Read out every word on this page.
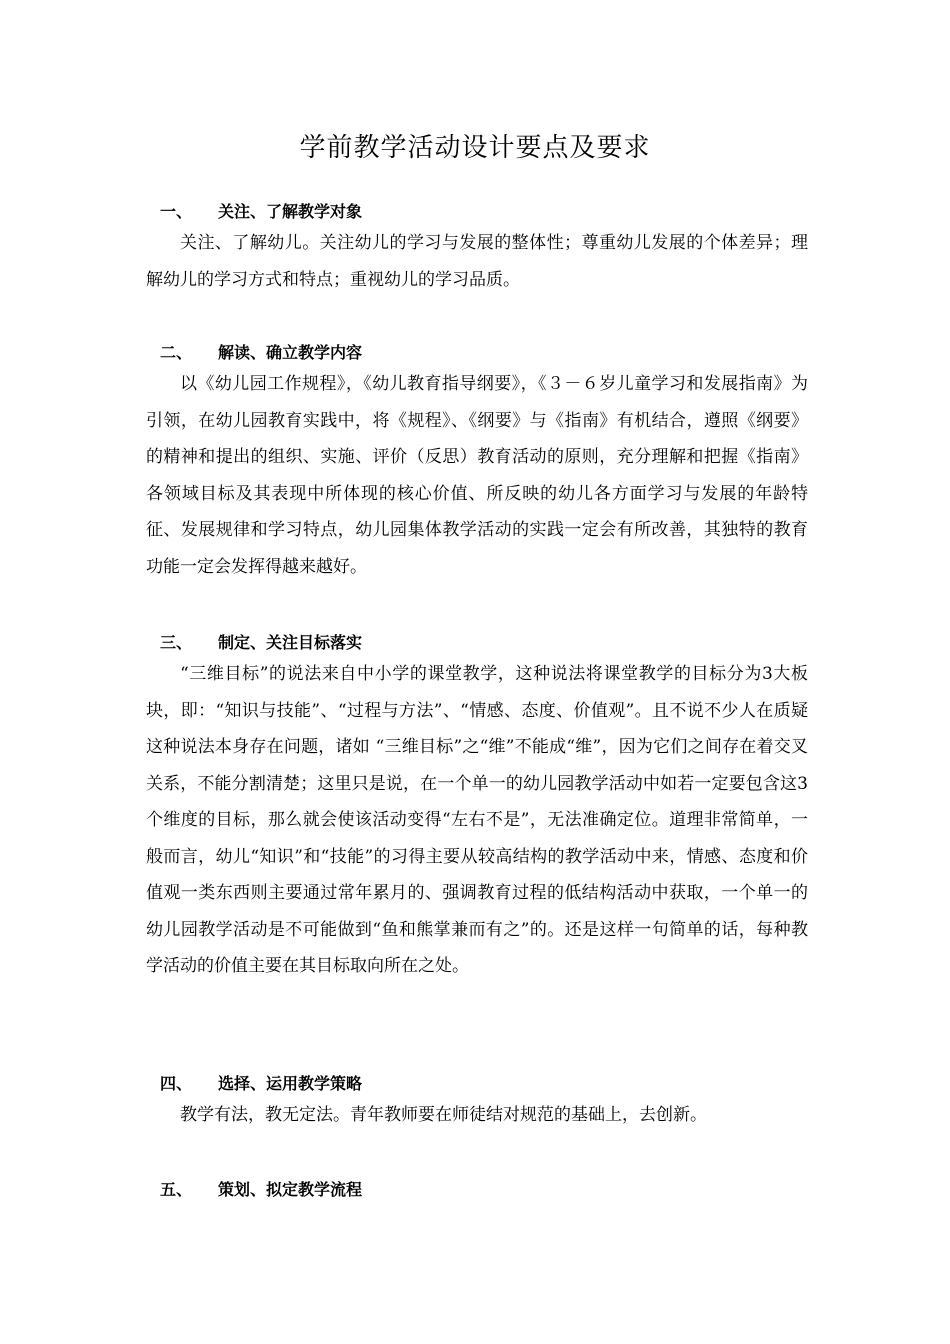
学前教学活动设计要点及要求
一、 关注、了解教学对象

关注、了解幼儿。关注幼儿的学习与发展的整体性；尊重幼儿发展的个体差异；理解幼儿的学习方式和特点；重视幼儿的学习品质。

二、 解读、确立教学内容

以《幼儿园工作规程》，《幼儿教育指导纲要》，《３－６岁儿童学习和发展指南》为引领，在幼儿园教育实践中，将《规程》、《纲要》与《指南》有机结合，遵照《纲要》的精神和提出的组织、实施、评价（反思）教育活动的原则，充分理解和把握《指南》各领域目标及其表现中所体现的核心价值、所反映的幼儿各方面学习与发展的年龄特征、发展规律和学习特点，幼儿园集体教学活动的实践一定会有所改善，其独特的教育功能一定会发挥得越来越好。

三、 制定、关注目标落实

“三维目标”的说法来自中小学的课堂教学，这种说法将课堂教学的目标分为3大板块，即：“知识与技能”、“过程与方法”、“情感、态度、价值观”。且不说不少人在质疑这种说法本身存在问题，诸如 “三维目标”之“维”不能成“维”，因为它们之间存在着交叉关系，不能分割清楚；这里只是说，在一个单一的幼儿园教学活动中如若一定要包含这3个维度的目标，那么就会使该活动变得“左右不是”，无法准确定位。道理非常简单，一般而言，幼儿“知识”和“技能”的习得主要从较高结构的教学活动中来，情感、态度和价值观一类东西则主要通过常年累月的、强调教育过程的低结构活动中获取，一个单一的幼儿园教学活动是不可能做到“鱼和熊掌兼而有之”的。还是这样一句简单的话，每种教学活动的价值主要在其目标取向所在之处。

四、 选择、运用教学策略

教学有法，教无定法。青年教师要在师徒结对规范的基础上，去创新。

五、 策划、拟定教学流程
